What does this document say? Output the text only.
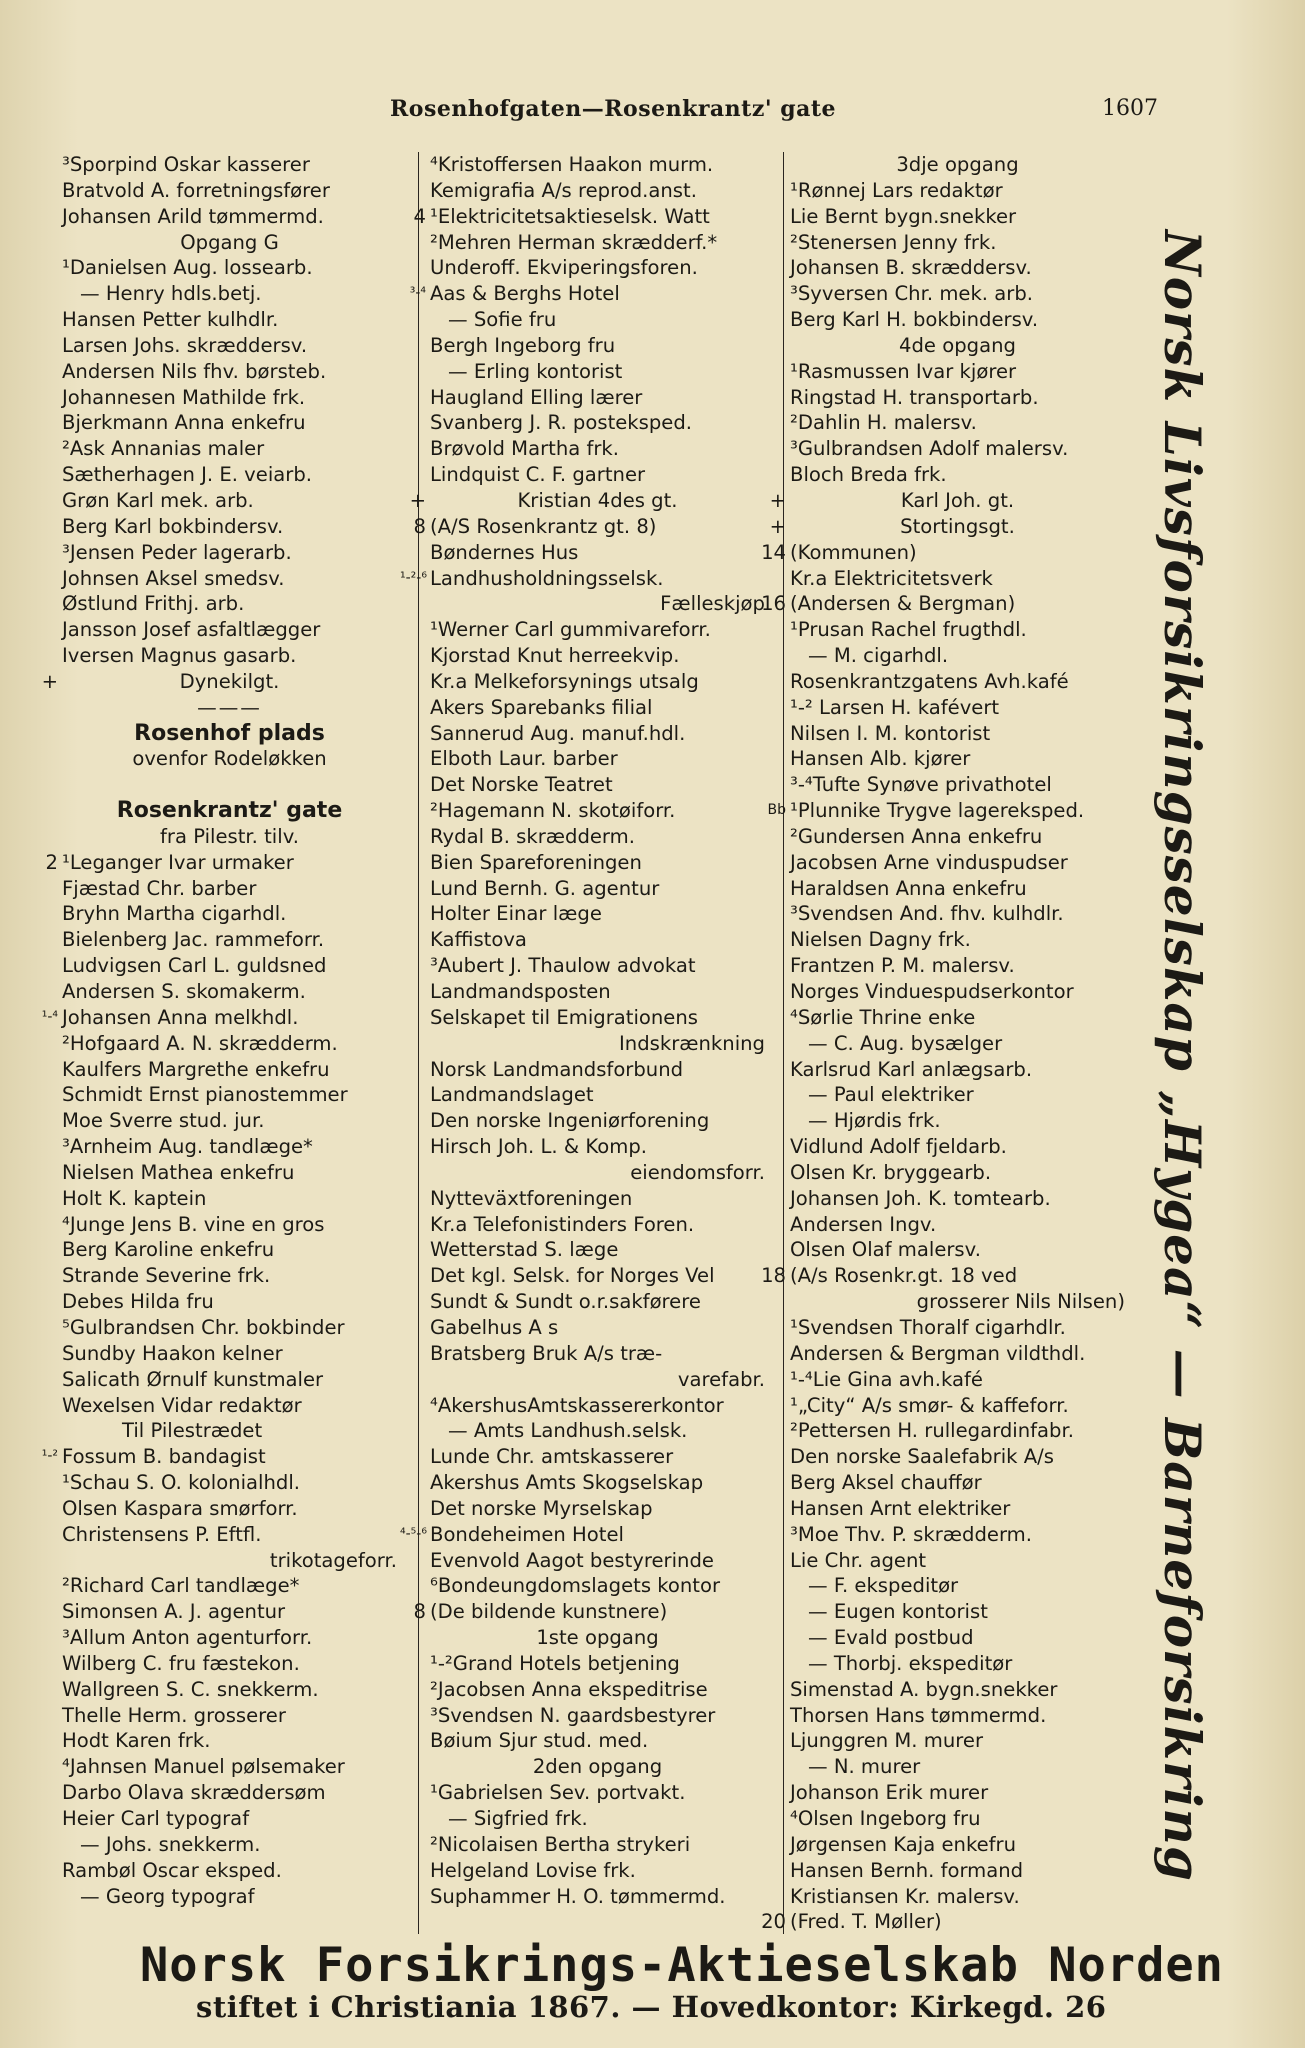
Rosenhofgaten—Rosenkrantz' gate	1607
³Sporpind Oskar kasserer
Bratvold A. forretningsfører
Johansen Arild tømmermd.
Opgang G
¹Danielsen Aug. lossearb.
— Henry hdls.betj.
Hansen Petter kulhdlr.
Larsen Johs. skræddersv.
Andersen Nils fhv. børsteb.
Johannesen Mathilde frk.
Bjerkmann Anna enkefru
²Ask Annanias maler
Sætherhagen J. E. veiarb.
Grøn Karl mek. arb.
Berg Karl bokbindersv.
³Jensen Peder lagerarb.
Johnsen Aksel smedsv.
Østlund Frithj. arb.
Jansson Josef asfaltlægger
Iversen Magnus gasarb.
+	Dynekilgt.
———
Rosenhof plads
ovenfor Rodeløkken
Rosenkrantz' gate
fra Pilestr. tilv.
2 ¹Leganger Ivar urmaker
Fjæstad Chr. barber
Bryhn Martha cigarhdl.
Bielenberg Jac. rammeforr.
Ludvigsen Carl L. guldsned
Andersen S. skomakerm.
¹-⁴ Johansen Anna melkhdl.
²Hofgaard A. N. skrædderm.
Kaulfers Margrethe enkefru
Schmidt Ernst pianostemmer
Moe Sverre stud. jur.
³Arnheim Aug. tandlæge*
Nielsen Mathea enkefru
Holt K. kaptein
⁴Junge Jens B. vine en gros
Berg Karoline enkefru
Strande Severine frk.
Debes Hilda fru
⁵Gulbrandsen Chr. bokbinder
Sundby Haakon kelner
Salicath Ørnulf kunstmaler
Wexelsen Vidar redaktør
Til Pilestrædet
¹-² Fossum B. bandagist
¹Schau S. O. kolonialhdl.
Olsen Kaspara smørforr.
Christensens P. Eftfl.
trikotageforr.
²Richard Carl tandlæge*
Simonsen A. J. agentur
³Allum Anton agenturforr.
Wilberg C. fru fæstekon.
Wallgreen S. C. snekkerm.
Thelle Herm. grosserer
Hodt Karen frk.
⁴Jahnsen Manuel pølsemaker
Darbo Olava skræddersøm
Heier Carl typograf
— Johs. snekkerm.
Rambøl Oscar eksped.
— Georg typograf
⁴Kristoffersen Haakon murm.
Kemigrafia A/s reprod.anst.
4 ¹Elektricitetsaktieselsk. Watt
²Mehren Herman skrædderf.*
Underoff. Ekviperingsforen.
³-⁴ Aas & Berghs Hotel
— Sofie fru
Bergh Ingeborg fru
— Erling kontorist
Haugland Elling lærer
Svanberg J. R. postekspеd.
Brøvold Martha frk.
Lindquist C. F. gartner
+	Kristian 4des gt.
8 (A/S Rosenkrantz gt. 8)
Bøndernes Hus
¹-²-⁶ Landhusholdningsselsk.
Fælleskjøp
¹Werner Carl gummivareforr.
Kjorstad Knut herreekvip.
Kr.a Melkeforsynings utsalg
Akers Sparebanks filial
Sannerud Aug. manuf.hdl.
Elboth Laur. barber
Det Norske Teatret
²Hagemann N. skotøiforr.
Rydal B. skrædderm.
Bien Spareforeningen
Lund Bernh. G. agentur
Holter Einar læge
Kaffistova
³Aubert J. Thaulow advokat
Landmandsposten
Selskapet til Emigrationens
Indskrænkning
Norsk Landmandsforbund
Landmandslaget
Den norske Ingeniørforening
Hirsch Joh. L. & Komp.
eiendomsforr.
Nytteväxtforeningen
Kr.a Telefonistinders Foren.
Wetterstad S. læge
Det kgl. Selsk. for Norges Vel
Sundt & Sundt o.r.sakførere
Gabelhus A s
Bratsberg Bruk A/s træ-
varefabr.
⁴AkershusAmtskassererkontor
— Amts Landhush.selsk.
Lunde Chr. amtskasserer
Akershus Amts Skogselskap
Det norske Myrselskap
⁴-⁵-⁶ Bondeheimen Hotel
Evenvold Aagot bestyrerinde
⁶Bondeungdomslagets kontor
8 (De bildende kunstnere)
1ste opgang
¹-²Grand Hotels betjening
²Jacobsen Anna ekspeditrise
³Svendsen N. gaardsbestyrer
Bøium Sjur stud. med.
2den opgang
¹Gabrielsen Sev. portvakt.
— Sigfried frk.
²Nicolaisen Bertha strykeri
Helgeland Lovise frk.
Suphammer H. O. tømmermd.
3dje opgang
¹Rønnej Lars redaktør
Lie Bernt bygn.snekker
²Stenersen Jenny frk.
Johansen B. skræddersv.
³Syversen Chr. mek. arb.
Berg Karl H. bokbindersv.
4de opgang
¹Rasmussen Ivar kjører
Ringstad H. transportarb.
²Dahlin H. malersv.
³Gulbrandsen Adolf malersv.
Bloch Breda frk.
+	Karl Joh. gt.
+	Stortingsgt.
14 (Kommunen)
Kr.a Elektricitetsverk
16 (Andersen & Bergman)
¹Prusan Rachel frugthdl.
— M. cigarhdl.
Rosenkrantzgatens Avh.kafé
¹-² Larsen H. kafévert
Nilsen I. M. kontorist
Hansen Alb. kjører
³-⁴Tufte Synøve privathotel
Bb ¹Plunnike Trygve lagereksped.
²Gundersen Anna enkefru
Jacobsen Arne vinduspudser
Haraldsen Anna enkefru
³Svendsen And. fhv. kulhdlr.
Nielsen Dagny frk.
Frantzen P. M. malersv.
Norges Vinduespudserkontor
⁴Sørlie Thrine enke
— C. Aug. bysælger
Karlsrud Karl anlægsarb.
— Paul elektriker
— Hjørdis frk.
Vidlund Adolf fjeldarb.
Olsen Kr. bryggearb.
Johansen Joh. K. tomtearb.
Andersen Ingv.
Olsen Olaf malersv.
18 (A/s Rosenkr.gt. 18 ved
grosserer Nils Nilsen)
¹Svendsen Thoralf cigarhdlr.
Andersen & Bergman vildthdl.
¹-⁴Lie Gina avh.kafé
¹„City“ A/s smør- & kaffeforr.
²Pettersen H. rullegardinfabr.
Den norske Saalefabrik A/s
Berg Aksel chauffør
Hansen Arnt elektriker
³Moe Thv. P. skrædderm.
Lie Chr. agent
— F. ekspeditør
— Eugen kontorist
— Evald postbud
— Thorbj. ekspeditør
Simenstad A. bygn.snekker
Thorsen Hans tømmermd.
Ljunggren M. murer
— N. murer
Johanson Erik murer
⁴Olsen Ingeborg fru
Jørgensen Kaja enkefru
Hansen Bernh. formand
Kristiansen Kr. malersv.
20 (Fred. T. Møller)
Norsk Livsforsikringsselskap „Hygea“ — Barneforsikring
Norsk Forsikrings-Aktieselskab Norden
stiftet i Christiania 1867. — Hovedkontor: Kirkegd. 26
